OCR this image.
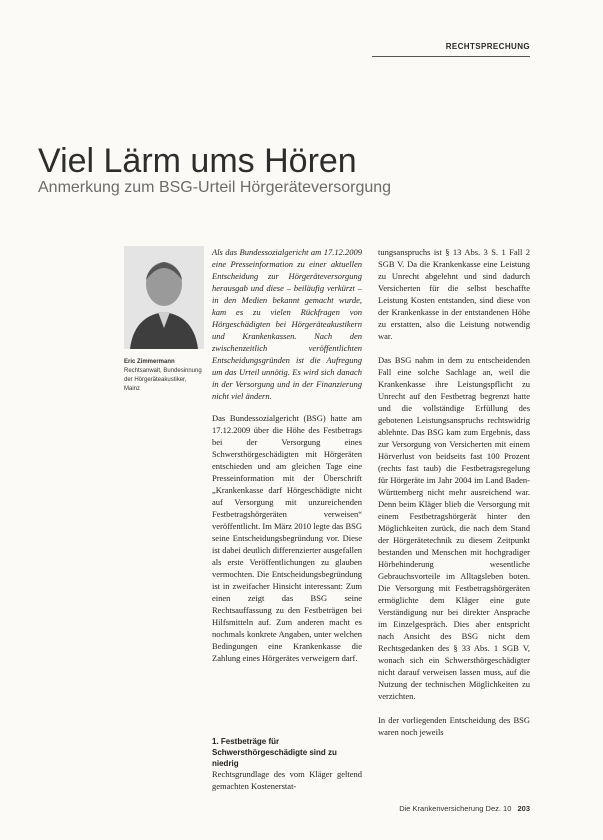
RECHTSPRECHUNG
Viel Lärm ums Hören
Anmerkung zum BSG-Urteil Hörgeräteversorgung
Eric Zimmermann
Rechtsanwalt, Bundesinnung der Hörgeräteakustiker, Mainz

Als das Bundessozialgericht am 17.12.2009 eine Presseinformation zu einer aktuellen Entscheidung zur Hörgeräteversorgung herausgab und diese – beiläufig verkürzt – in den Medien bekannt gemacht wurde, kam es zu vielen Rückfragen von Hörgeschädigten bei Hörgeräteakustikern und Krankenkassen. Nach den zwischenzeitlich veröffentlichten Entscheidungsgründen ist die Aufregung um das Urteil unnötig. Es wird sich danach in der Versorgung und in der Finanzierung nicht viel ändern.

Das Bundessozialgericht (BSG) hatte am 17.12.2009 über die Höhe des Festbetrags bei der Versorgung eines Schwersthörgeschädigten mit Hörgeräten entschieden und am gleichen Tage eine Presseinformation mit der Überschrift „Krankenkasse darf Hörgeschädigte nicht auf Versorgung mit unzureichenden Festbetragshörgeräten verweisen“ veröffentlicht. Im März 2010 legte das BSG seine Entscheidungsbegründung vor. Diese ist dabei deutlich differenzierter ausgefallen als erste Veröffentlichungen zu glauben vermochten. Die Entscheidungsbegründung ist in zweifacher Hinsicht interessant: Zum einen zeigt das BSG seine Rechtsauffassung zu den Festbeträgen bei Hilfsmitteln auf. Zum anderen macht es nochmals konkrete Angaben, unter welchen Bedingungen eine Krankenkasse die Zahlung eines Hörgerätes verweigern darf.

1. Festbeträge für Schwersthörgeschädigte sind zu niedrig
Rechtsgrundlage des vom Kläger geltend gemachten Kostenerstat-

tungsanspruchs ist § 13 Abs. 3 S. 1 Fall 2 SGB V. Da die Krankenkasse eine Leistung zu Unrecht abgelehnt und sind dadurch Versicherten für die selbst beschaffte Leistung Kosten entstanden, sind diese von der Krankenkasse in der entstandenen Höhe zu erstatten, also die Leistung notwendig war.

Das BSG nahm in dem zu entscheidenden Fall eine solche Sachlage an, weil die Krankenkasse ihre Leistungspflicht zu Unrecht auf den Festbetrag begrenzt hatte und die vollständige Erfüllung des gebotenen Leistungsanspruchs rechtswidrig ablehnte. Das BSG kam zum Ergebnis, dass zur Versorgung von Versicherten mit einem Hörverlust von beidseits fast 100 Prozent (rechts fast taub) die Festbetragsregelung für Hörgeräte im Jahr 2004 im Land Baden-Württemberg nicht mehr ausreichend war. Denn beim Kläger blieb die Versorgung mit einem Festbetragshörgerät hinter den Möglichkeiten zurück, die nach dem Stand der Hörgerätetechnik zu diesem Zeitpunkt bestanden und Menschen mit hochgradiger Hörbehinderung wesentliche Gebrauchsvorteile im Alltagsleben boten. Die Versorgung mit Festbetragshörgeräten ermöglichte dem Kläger eine gute Verständigung nur bei direkter Ansprache im Einzelgespräch. Dies aber entspricht nach Ansicht des BSG nicht dem Rechtsgedanken des § 33 Abs. 1 SGB V, wonach sich ein Schwersthörgeschädigter nicht darauf verweisen lassen muss, auf die Nutzung der technischen Möglichkeiten zu verzichten.

In der vorliegenden Entscheidung des BSG waren noch jeweils

Die Krankenversicherung Dez. 10 203
